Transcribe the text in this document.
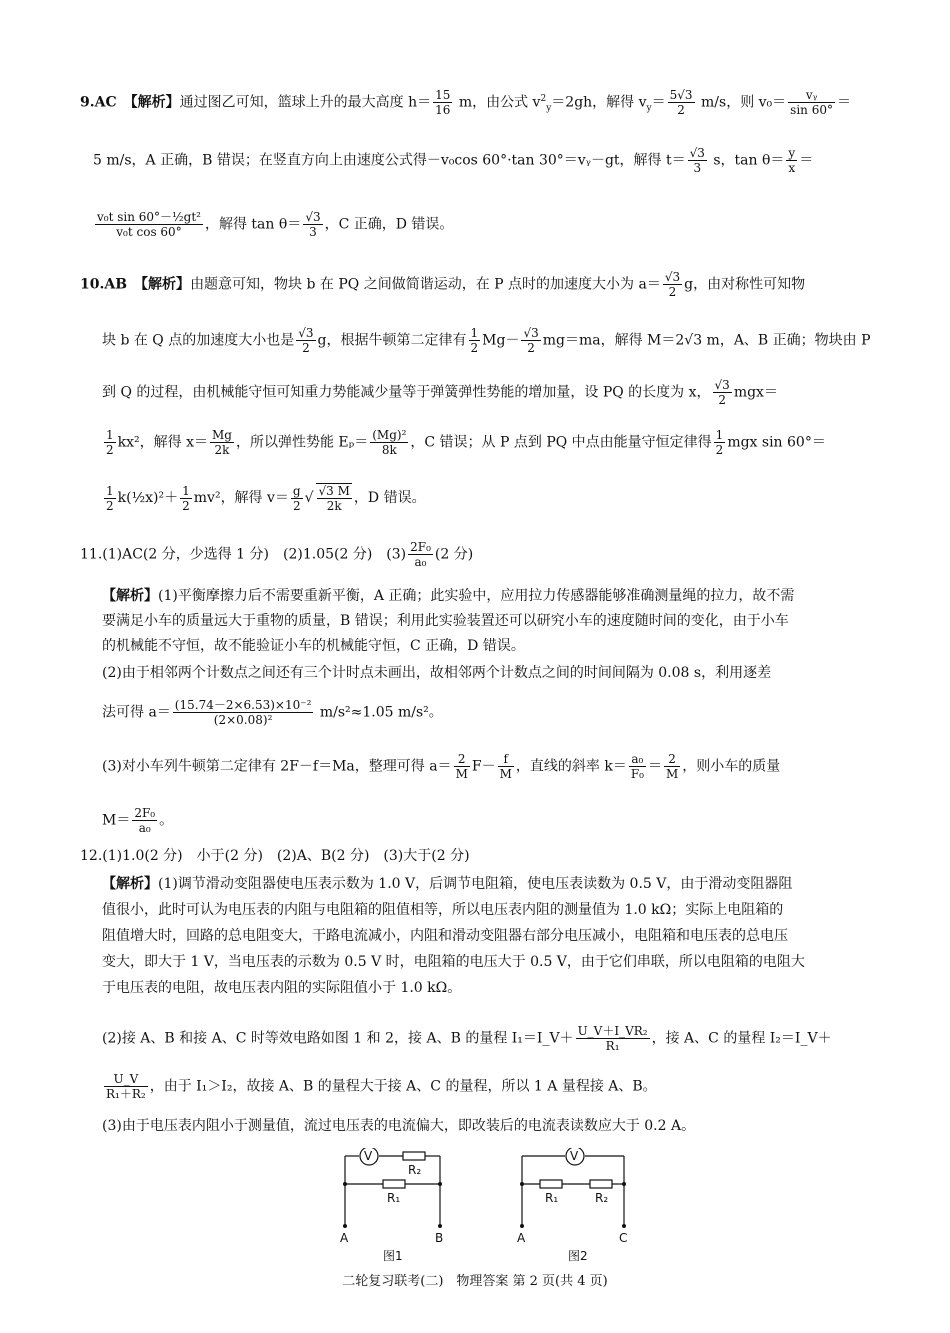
9.AC　【解析】通过图乙可知，篮球上升的最大高度 $h= \frac{15}{16}$ m，由公式 $v^2_y=2gh$，解得 $v_y= \frac{5√3}{2} m/s$，则 $v_0= \frac{\text{vᵧ}}{\sin 60^\circ}$ ＝
5 m/s，A 正确，B 错误；在竖直方向上由速度公式得－v₀cos 60°·tan 30°＝vᵧ－gt，解得 $t= \frac{√3}{3}$ s，$\tan \theta= \frac{y}{x}$ ＝
$\frac{\text{v₀t sin 60°－½gt²}}{\text{v₀t cos 60°}}$ ，解得 $\tan \theta= \frac{√3}{3}$ ，C 正确，D 错误。
10.AB　【解析】由题意可知，物块 b 在 PQ 之间做简谐运动，在 P 点时的加速度大小为 $a= \frac{√3}{2}$ g，由对称性可知物
块 b 在 Q 点的加速度大小也是 $\frac{√3}{2}$ g，根据牛顿第二定律有 $\frac{1}{2} Mg- \frac{√3}{2} mg=ma$，解得 M＝2√3 m，A、B 正确；物块由 P
到 Q 的过程，由机械能守恒可知重力势能减少量等于弹簧弹性势能的增加量，设 PQ 的长度为 x， $\frac{√3}{2} mgx=$
$\frac{1}{2} kx^2$，解得 $x= \frac{Mg}{2k}$ ，所以弹性势能 $E_p= \frac{\text{(Mg)²}}{8k}$ ，C 错误；从 P 点到 PQ 中点由能量守恒定律得 $\frac{1}{2}$ mgx sin 60°＝
$\frac{1}{2}$ k(½x)²＋ $\frac{1}{2} mv^2$，解得 $v= \frac{g}{2}$ √ $\frac{√3 M}{2k}$ ，D 错误。
11.(1)AC(2 分，少选得 1 分)　(2)1.05(2 分)　$(3) \frac{\text{2F₀}}{\text{a₀}} (2$ 分)
【解析】(1)平衡摩擦力后不需要重新平衡，A 正确；此实验中，应用拉力传感器能够准确测量绳的拉力，故不需
要满足小车的质量远大于重物的质量，B 错误；利用此实验装置还可以研究小车的速度随时间的变化，由于小车
的机械能不守恒，故不能验证小车的机械能守恒，C 正确，D 错误。
(2)由于相邻两个计数点之间还有三个计时点未画出，故相邻两个计数点之间的时间间隔为 0.08 s，利用逐差
法可得 $a= \frac{\text{(15.74－2×6.53)×10⁻²}}{\text{(2×0.08)²}} m/s^2\approx 1.05$ m/s²。
(3)对小车列牛顿第二定律有 2F－f＝Ma，整理可得 $a= \frac{2}{M} F- \frac{f}{M}$ ，直线的斜率 $k= \frac{\text{a₀}}{\text{F₀}} = \frac{2}{M}$ ，则小车的质量
$M= \frac{\text{2F₀}}{\text{a₀}}$ 。
12.(1)1.0(2 分)　小于(2 分)　(2)A、B(2 分)　(3)大于(2 分)
【解析】(1)调节滑动变阻器使电压表示数为 1.0 V，后调节电阻箱，使电压表读数为 0.5 V，由于滑动变阻器阻
值很小，此时可认为电压表的内阻与电阻箱的阻值相等，所以电压表内阻的测量值为 1.0 kΩ；实际上电阻箱的
阻值增大时，回路的总电阻变大，干路电流减小，内阻和滑动变阻器右部分电压减小，电阻箱和电压表的总电压
变大，即大于 1 V，当电压表的示数为 0.5 V 时，电阻箱的电压大于 0.5 V，由于它们串联，所以电阻箱的电阻大
于电压表的电阻，故电压表内阻的实际阻值小于 1.0 kΩ。
(2)接 A、B 和接 A、C 时等效电路如图 1 和 2，接 A、B 的量程 I₁＝I_V＋ $\frac{\text{U\_V＋I\_VR₂}}{\text{R₁}}$ ，接 A、C 的量程 I₂＝I_V＋
$\frac{U\_V}{\text{R₁＋R₂}}$ ，由于 I₁＞I₂，故接 A、B 的量程大于接 A、C 的量程，所以 1 A 量程接 A、B。
(3)由于电压表内阻小于测量值，流过电压表的电流偏大，即改装后的电流表读数应大于 0.2 A。
V
R₂
R₁
A	B
图1
V
R₁	R₂
A	C
图2
二轮复习联考(二)　物理答案 第 2 页(共 4 页)
